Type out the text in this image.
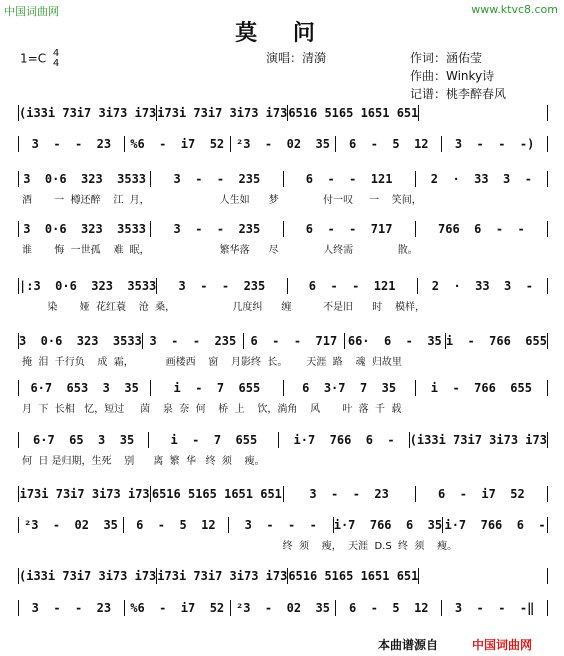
中国词曲网	www.ktvc8.com
莫 问
1=C 4
4	演唱：清漪	作词：涵佑莹
作曲：Winky诗
记谱：桃李醉春风
(i33i 73i7 3i73 i73 i73i 73i7 3i73 i73 6516 5165 1651 651
3  -  -  23	%6  -  i7  52 ²3  -  02  35	6  -  5  12	3  -  -  -)
3  0·6  323  3533	3  -  -  235	6  -  -  121	2  ·  33  3  -
酒       一  樽还醉    江  月，                      人生如      梦              付一叹     一    笑间，
3  0·6  323  3533	3  -  -  235	6  -  -  717	766  6  -  -
谁       悔  一世孤    难  眠，                      繁华落      尽              人终需              散。
|:3  0·6  323  3533	3  -  -  235	6  -  -  121	2  ·  33  3  -
染       娅  花红蓑    沧  桑，                  几度纠      缠          不是旧      时    模样，
3  0·6  323  3533 3  -  -  235	6  -  -  717 66·  6  -  35 i  -  766  655
掩  泪  千行负    成  霜，          画楼西    窗    月影终  长。      天涯  路    魂  归故里
6·7  653  3  35	i  -  7  655	6  3·7  7  35	i  -  766  655
月  下  长相   忆，短过     茵    泉  奈  何    桥  上    饮，淌角    风       叶  落  千  载
6·7  65  3  35	i  -  7  655	i·7  766  6  -	(i33i 73i7 3i73 i73
何  日 是归期，生死    别      离  繁  华   终  须    瘦。
i73i 73i7 3i73 i73 6516 5165 1651 651	3  -  -  23	6  -  i7  52
²3  -  02  35	6  -  5  12	3  -  -  -	i·7  766  6  35 i·7  766  6  -
终  须    瘦，  天涯  D.S  终  须    瘦。
(i33i 73i7 3i73 i73 i73i 73i7 3i73 i73 6516 5165 1651 651
3  -  -  23	%6  -  i7  52 ²3  -  02  35	6  -  5  12	3  -  -  -‖
本曲谱源自	中国词曲网
